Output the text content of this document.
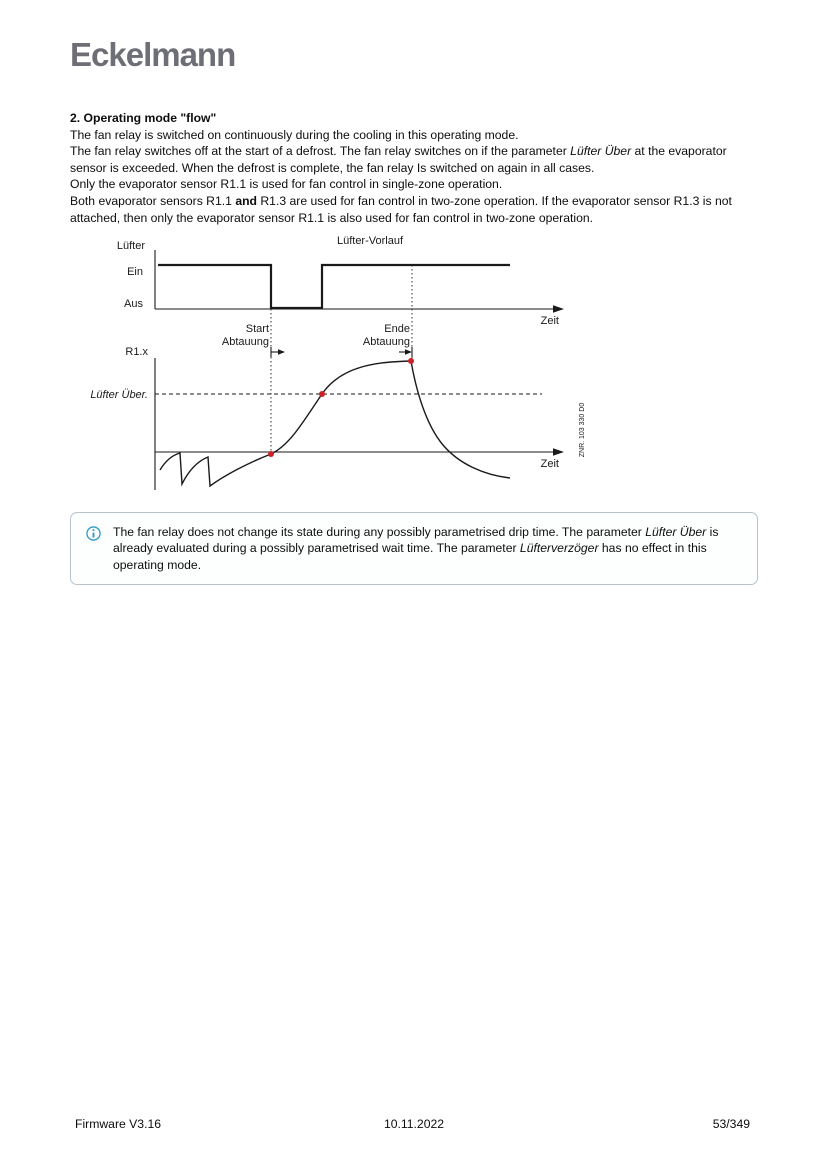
Eckelmann

2. Operating mode "flow"

The fan relay is switched on continuously during the cooling in this operating mode.

The fan relay switches off at the start of a defrost. The fan relay switches on if the parameter Lüfter Über at the evaporator sensor is exceeded. When the defrost is complete, the fan relay Is switched on again in all cases.

Only the evaporator sensor R1.1 is used for fan control in single-zone operation.

Both evaporator sensors R1.1 and R1.3 are used for fan control in two-zone operation. If the evaporator sensor R1.3 is not attached, then only the evaporator sensor R1.1 is also used for fan control in two-zone operation.

Lüfter-Vorlauf
Lüfter
Ein
Aus
Zeit
Start
Abtauung
Ende
Abtauung
R1.x
Lüfter Über.
Zeit
ZNR. 103 330 D0
The fan relay does not change its state during any possibly parametrised drip time. The parameter Lüfter Über is already evaluated during a possibly parametrised wait time. The parameter Lüfterverzöger has no effect in this operating mode.
Firmware V3.16	10.11.2022	53/349
